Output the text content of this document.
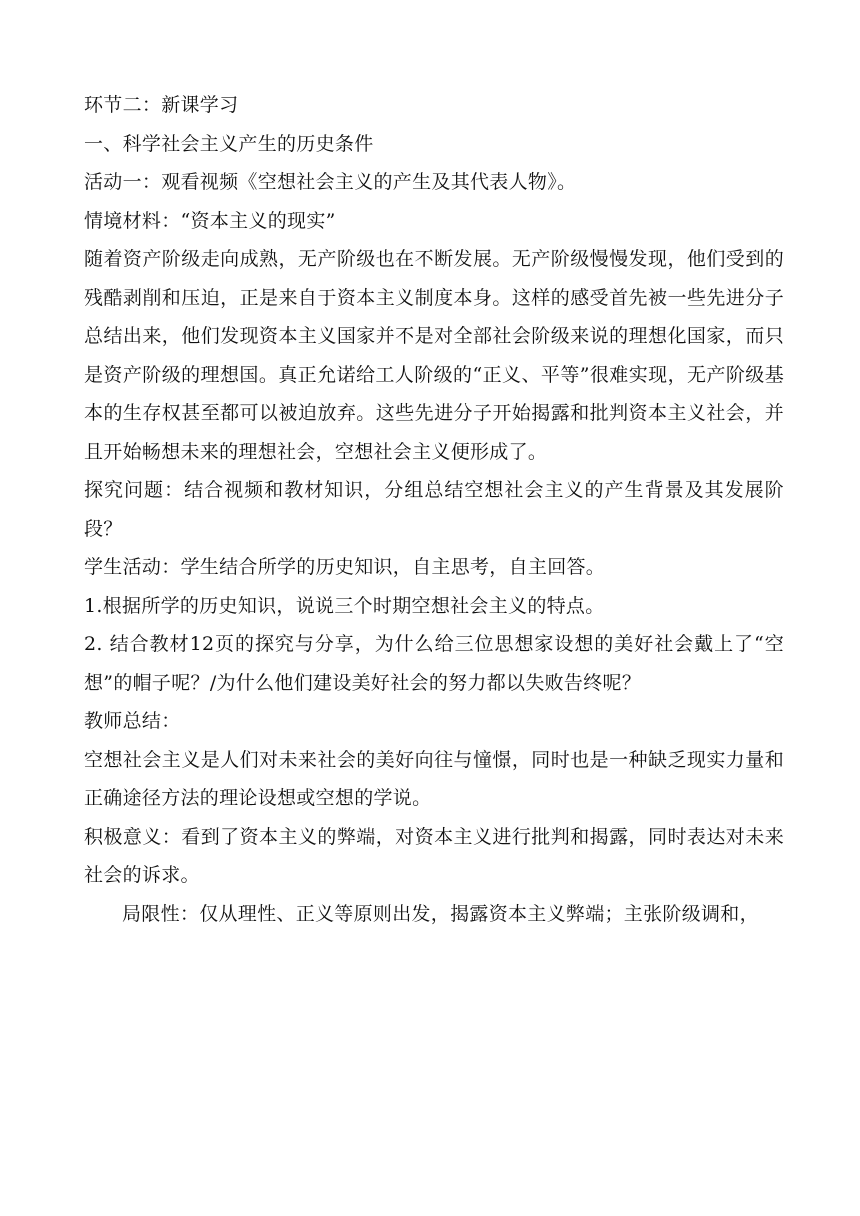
环节二：新课学习

一、科学社会主义产生的历史条件

活动一：观看视频《空想社会主义的产生及其代表人物》。

情境材料：“资本主义的现实”

随着资产阶级走向成熟，无产阶级也在不断发展。无产阶级慢慢发现，他们受到的残酷剥削和压迫，正是来自于资本主义制度本身。这样的感受首先被一些先进分子总结出来，他们发现资本主义国家并不是对全部社会阶级来说的理想化国家，而只是资产阶级的理想国。真正允诺给工人阶级的“正义、平等”很难实现，无产阶级基本的生存权甚至都可以被迫放弃。这些先进分子开始揭露和批判资本主义社会，并且开始畅想未来的理想社会，空想社会主义便形成了。

探究问题：结合视频和教材知识，分组总结空想社会主义的产生背景及其发展阶段？

学生活动：学生结合所学的历史知识，自主思考，自主回答。

1.根据所学的历史知识，说说三个时期空想社会主义的特点。

2. 结合教材12页的探究与分享，为什么给三位思想家设想的美好社会戴上了“空想”的帽子呢？/为什么他们建设美好社会的努力都以失败告终呢？

教师总结：

空想社会主义是人们对未来社会的美好向往与憧憬，同时也是一种缺乏现实力量和正确途径方法的理论设想或空想的学说。

积极意义：看到了资本主义的弊端，对资本主义进行批判和揭露，同时表达对未来社会的诉求。

局限性：仅从理性、正义等原则出发，揭露资本主义弊端；主张阶级调和，
